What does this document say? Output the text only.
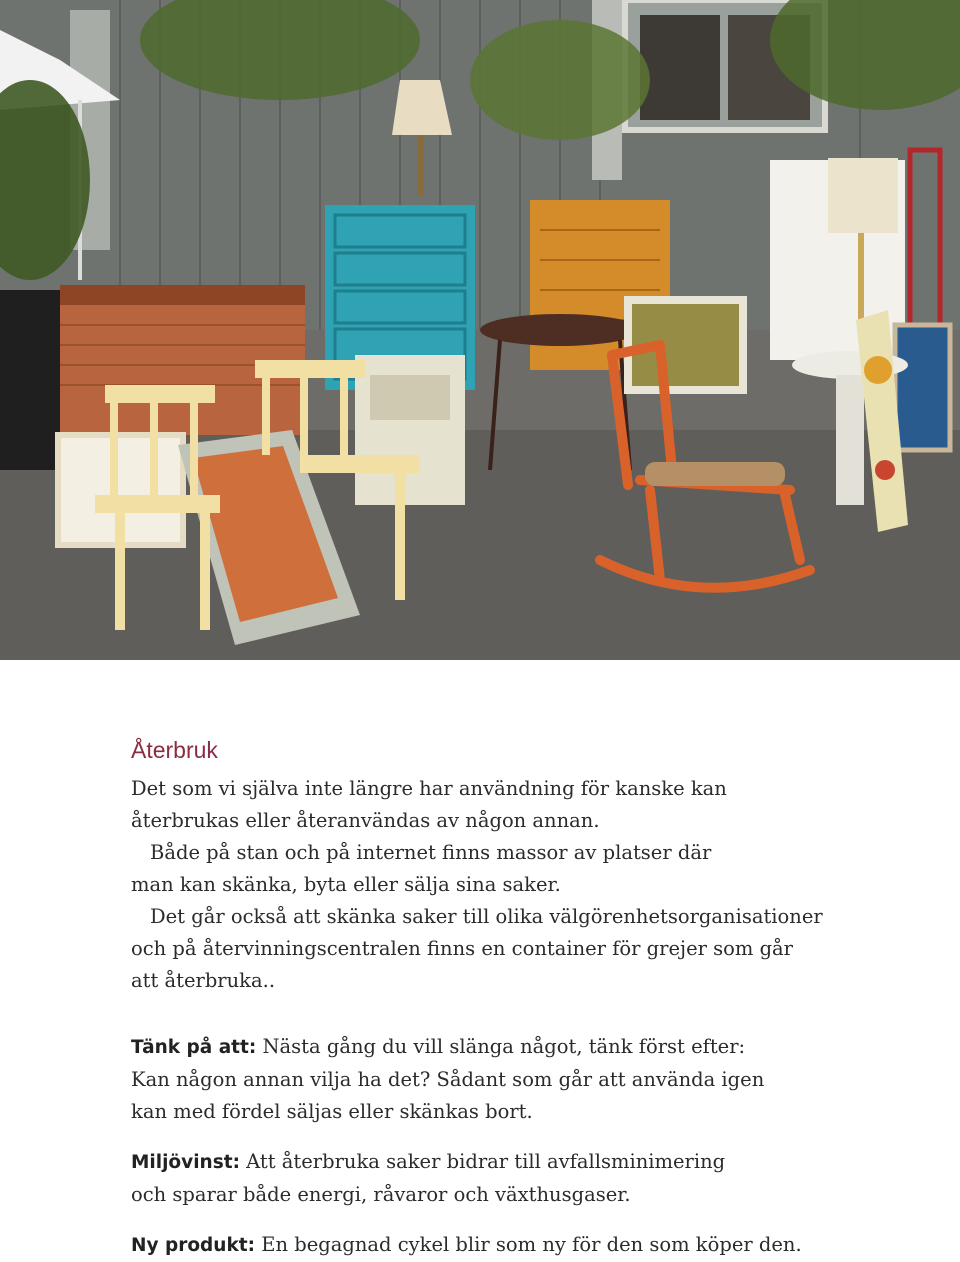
Återbruk
Det som vi själva inte längre har användning för kanske kan
återbrukas eller återanvändas av någon annan.
Både på stan och på internet finns massor av platser där
man kan skänka, byta eller sälja sina saker.
Det går också att skänka saker till olika välgörenhetsorganisationer
och på återvinningscentralen finns en container för grejer som går
att återbruka..
Tänk på att: Nästa gång du vill slänga något, tänk först efter:
Kan någon annan vilja ha det? Sådant som går att använda igen
kan med fördel säljas eller skänkas bort.
Miljövinst: Att återbruka saker bidrar till avfallsminimering
och sparar både energi, råvaror och växthusgaser.
Ny produkt: En begagnad cykel blir som ny för den som köper den.
